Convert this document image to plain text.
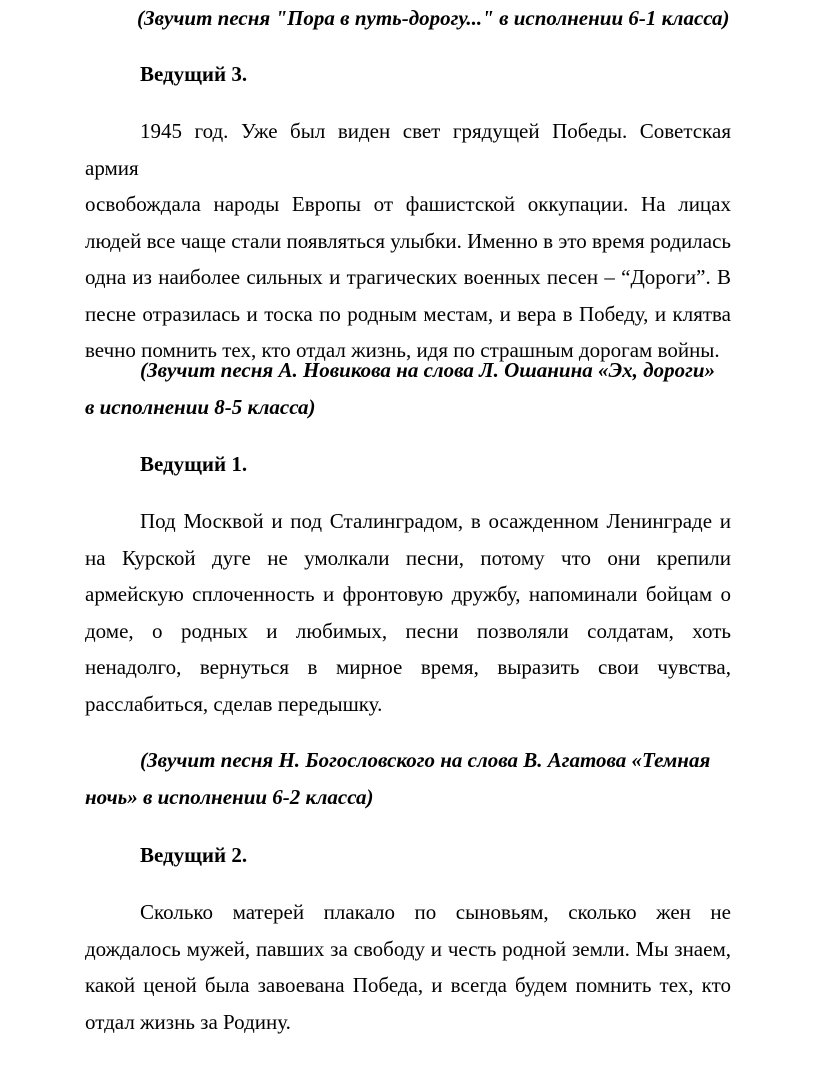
(Звучит песня "Пора в путь-дорогу..." в исполнении 6-1 класса)

Ведущий 3.

1945 год. Уже был виден свет грядущей Победы. Советская армия
освобождала народы Европы от фашистской оккупации. На лицах
людей все чаще стали появляться улыбки. Именно в это время родилась
одна из наиболее сильных и трагических военных песен – “Дороги”. В
песне отразилась и тоска по родным местам, и вера в Победу, и клятва
вечно помнить тех, кто отдал жизнь, идя по страшным дорогам войны.
(Звучит песня А. Новикова на слова Л. Ошанина «Эх, дороги»
в исполнении 8-5 класса)

Ведущий 1.

Под Москвой и под Сталинградом, в осажденном Ленинграде и
на Курской дуге не умолкали песни, потому что они крепили
армейскую сплоченность и фронтовую дружбу, напоминали бойцам о
доме, о родных и любимых, песни позволяли солдатам, хоть
ненадолго, вернуться в мирное время, выразить свои чувства,
расслабиться, сделав передышку.
(Звучит песня Н. Богословского на слова В. Агатова «Темная
ночь» в исполнении 6-2 класса)

Ведущий 2.

Сколько матерей плакало по сыновьям, сколько жен не
дождалось мужей, павших за свободу и честь родной земли. Мы знаем,
какой ценой была завоевана Победа, и всегда будем помнить тех, кто
отдал жизнь за Родину.
